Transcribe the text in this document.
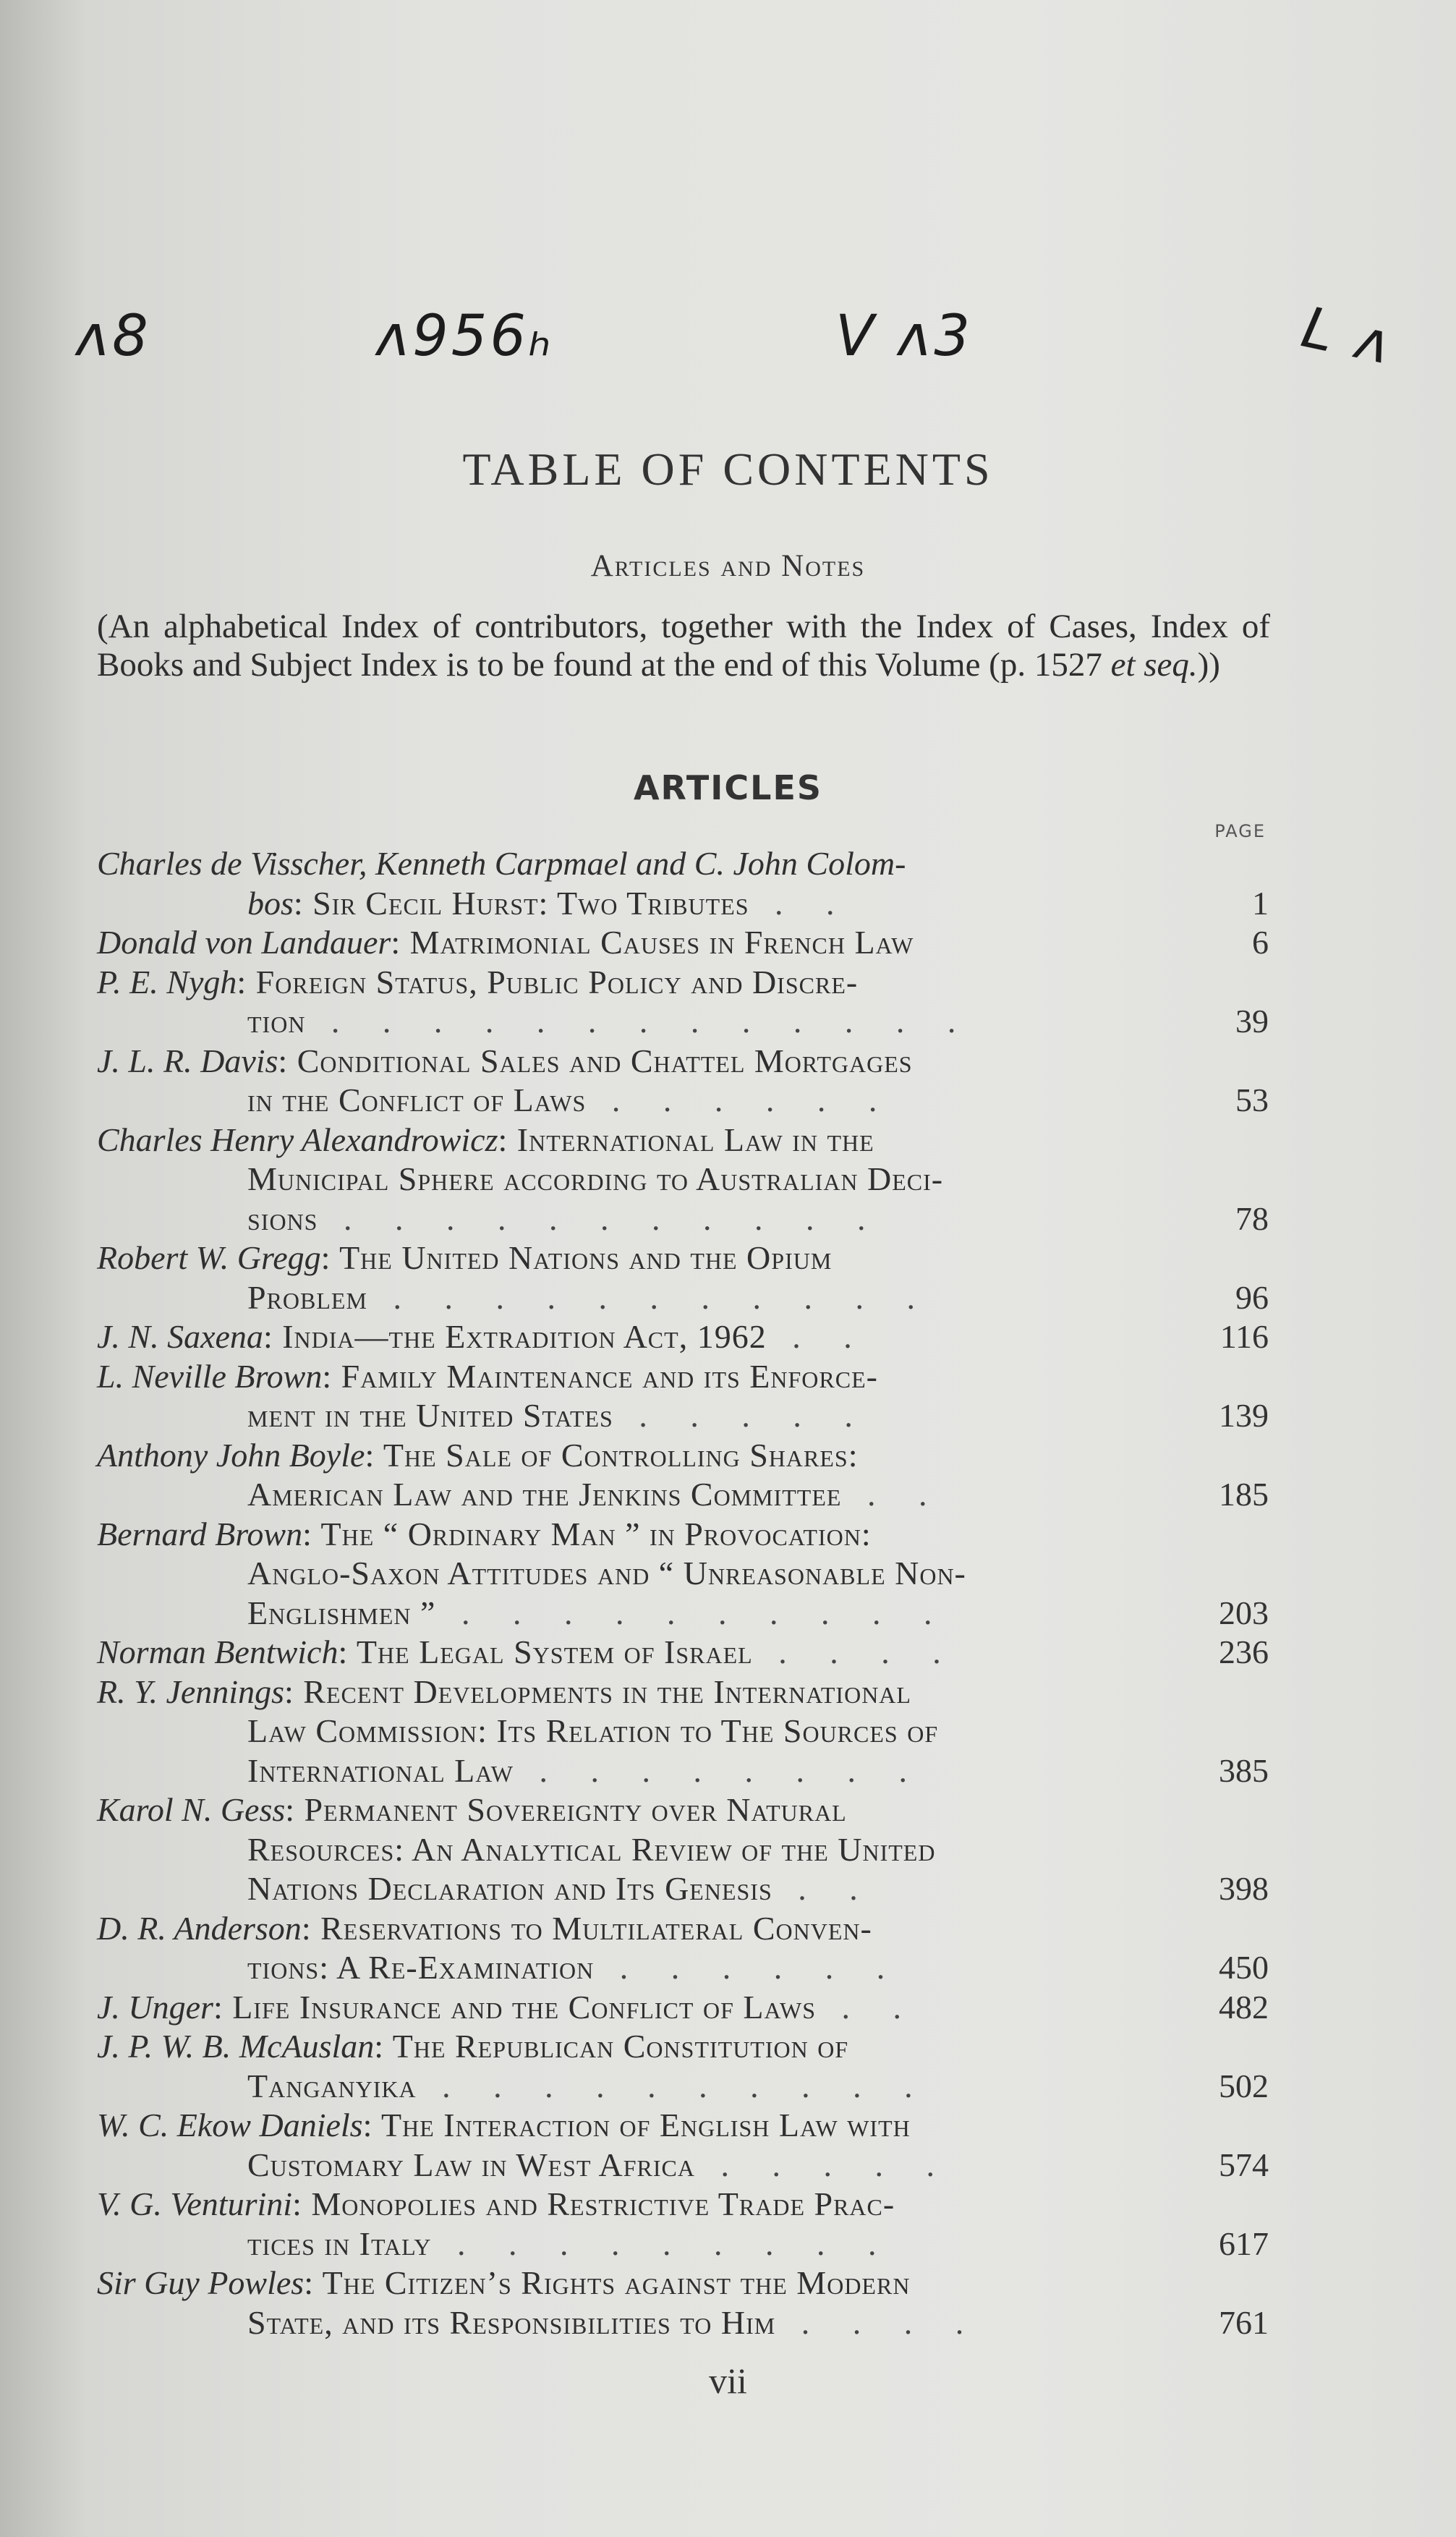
ᴧ8	ᴧ956ₕ	V ᴧ3	L ᴧ
TABLE OF CONTENTS
Articles and Notes
(An alphabetical Index of contributors, together with the Index of Cases, Index of Books and Subject Index is to be found at the end of this Volume (p. 1527 et seq.))
ARTICLES
PAGE
Charles de Visscher, Kenneth Carpmael and C. John Colom-
bos: Sir Cecil Hurst: Two Tributes . .	1
Donald von Landauer: Matrimonial Causes in French Law	6
P. E. Nygh: Foreign Status, Public Policy and Discre-
tion . . . . . . . . . . . . .	39
J. L. R. Davis: Conditional Sales and Chattel Mortgages
in the Conflict of Laws . . . . . .	53
Charles Henry Alexandrowicz: International Law in the
Municipal Sphere according to Australian Deci-
sions . . . . . . . . . . .	78
Robert W. Gregg: The United Nations and the Opium
Problem . . . . . . . . . . .	96
J. N. Saxena: India—the Extradition Act, 1962 . .	116
L. Neville Brown: Family Maintenance and its Enforce-
ment in the United States . . . . .	139
Anthony John Boyle: The Sale of Controlling Shares:
American Law and the Jenkins Committee . .	185
Bernard Brown: The “ Ordinary Man ” in Provocation:
Anglo-Saxon Attitudes and “ Unreasonable Non-
Englishmen ” . . . . . . . . . .	203
Norman Bentwich: The Legal System of Israel . . . .	236
R. Y. Jennings: Recent Developments in the International
Law Commission: Its Relation to The Sources of
International Law . . . . . . . .	385
Karol N. Gess: Permanent Sovereignty over Natural
Resources: An Analytical Review of the United
Nations Declaration and Its Genesis . .	398
D. R. Anderson: Reservations to Multilateral Conven-
tions: A Re-Examination . . . . . .	450
J. Unger: Life Insurance and the Conflict of Laws . .	482
J. P. W. B. McAuslan: The Republican Constitution of
Tanganyika . . . . . . . . . .	502
W. C. Ekow Daniels: The Interaction of English Law with
Customary Law in West Africa . . . . .	574
V. G. Venturini: Monopolies and Restrictive Trade Prac-
tices in Italy . . . . . . . . .	617
Sir Guy Powles: The Citizen’s Rights against the Modern
State, and its Responsibilities to Him . . . .	761
vii
